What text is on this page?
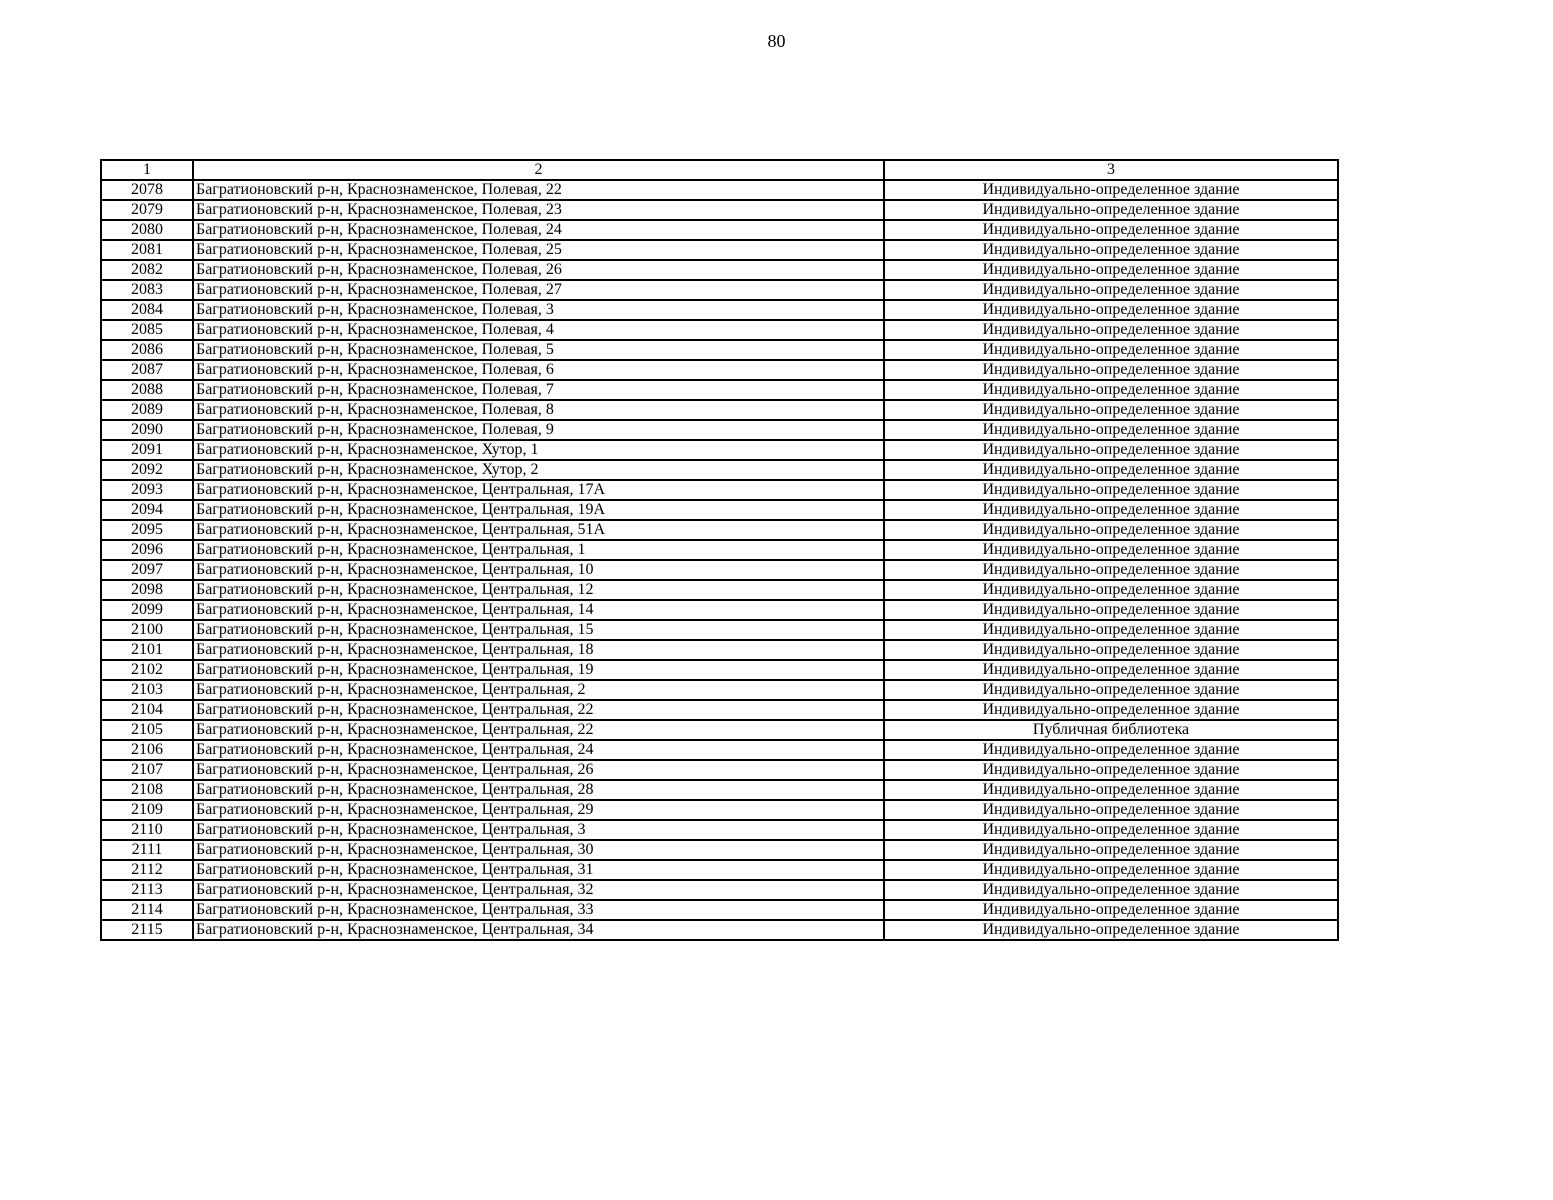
80
1	2	3
2078	Багратионовский р-н, Краснознаменское, Полевая, 22	Индивидуально-определенное здание
2079	Багратионовский р-н, Краснознаменское, Полевая, 23	Индивидуально-определенное здание
2080	Багратионовский р-н, Краснознаменское, Полевая, 24	Индивидуально-определенное здание
2081	Багратионовский р-н, Краснознаменское, Полевая, 25	Индивидуально-определенное здание
2082	Багратионовский р-н, Краснознаменское, Полевая, 26	Индивидуально-определенное здание
2083	Багратионовский р-н, Краснознаменское, Полевая, 27	Индивидуально-определенное здание
2084	Багратионовский р-н, Краснознаменское, Полевая, 3	Индивидуально-определенное здание
2085	Багратионовский р-н, Краснознаменское, Полевая, 4	Индивидуально-определенное здание
2086	Багратионовский р-н, Краснознаменское, Полевая, 5	Индивидуально-определенное здание
2087	Багратионовский р-н, Краснознаменское, Полевая, 6	Индивидуально-определенное здание
2088	Багратионовский р-н, Краснознаменское, Полевая, 7	Индивидуально-определенное здание
2089	Багратионовский р-н, Краснознаменское, Полевая, 8	Индивидуально-определенное здание
2090	Багратионовский р-н, Краснознаменское, Полевая, 9	Индивидуально-определенное здание
2091	Багратионовский р-н, Краснознаменское, Хутор, 1	Индивидуально-определенное здание
2092	Багратионовский р-н, Краснознаменское, Хутор, 2	Индивидуально-определенное здание
2093	Багратионовский р-н, Краснознаменское, Центральная, 17А	Индивидуально-определенное здание
2094	Багратионовский р-н, Краснознаменское, Центральная, 19А	Индивидуально-определенное здание
2095	Багратионовский р-н, Краснознаменское, Центральная, 51А	Индивидуально-определенное здание
2096	Багратионовский р-н, Краснознаменское, Центральная, 1	Индивидуально-определенное здание
2097	Багратионовский р-н, Краснознаменское, Центральная, 10	Индивидуально-определенное здание
2098	Багратионовский р-н, Краснознаменское, Центральная, 12	Индивидуально-определенное здание
2099	Багратионовский р-н, Краснознаменское, Центральная, 14	Индивидуально-определенное здание
2100	Багратионовский р-н, Краснознаменское, Центральная, 15	Индивидуально-определенное здание
2101	Багратионовский р-н, Краснознаменское, Центральная, 18	Индивидуально-определенное здание
2102	Багратионовский р-н, Краснознаменское, Центральная, 19	Индивидуально-определенное здание
2103	Багратионовский р-н, Краснознаменское, Центральная, 2	Индивидуально-определенное здание
2104	Багратионовский р-н, Краснознаменское, Центральная, 22	Индивидуально-определенное здание
2105	Багратионовский р-н, Краснознаменское, Центральная, 22	Публичная библиотека
2106	Багратионовский р-н, Краснознаменское, Центральная, 24	Индивидуально-определенное здание
2107	Багратионовский р-н, Краснознаменское, Центральная, 26	Индивидуально-определенное здание
2108	Багратионовский р-н, Краснознаменское, Центральная, 28	Индивидуально-определенное здание
2109	Багратионовский р-н, Краснознаменское, Центральная, 29	Индивидуально-определенное здание
2110	Багратионовский р-н, Краснознаменское, Центральная, 3	Индивидуально-определенное здание
2111	Багратионовский р-н, Краснознаменское, Центральная, 30	Индивидуально-определенное здание
2112	Багратионовский р-н, Краснознаменское, Центральная, 31	Индивидуально-определенное здание
2113	Багратионовский р-н, Краснознаменское, Центральная, 32	Индивидуально-определенное здание
2114	Багратионовский р-н, Краснознаменское, Центральная, 33	Индивидуально-определенное здание
2115	Багратионовский р-н, Краснознаменское, Центральная, 34	Индивидуально-определенное здание
